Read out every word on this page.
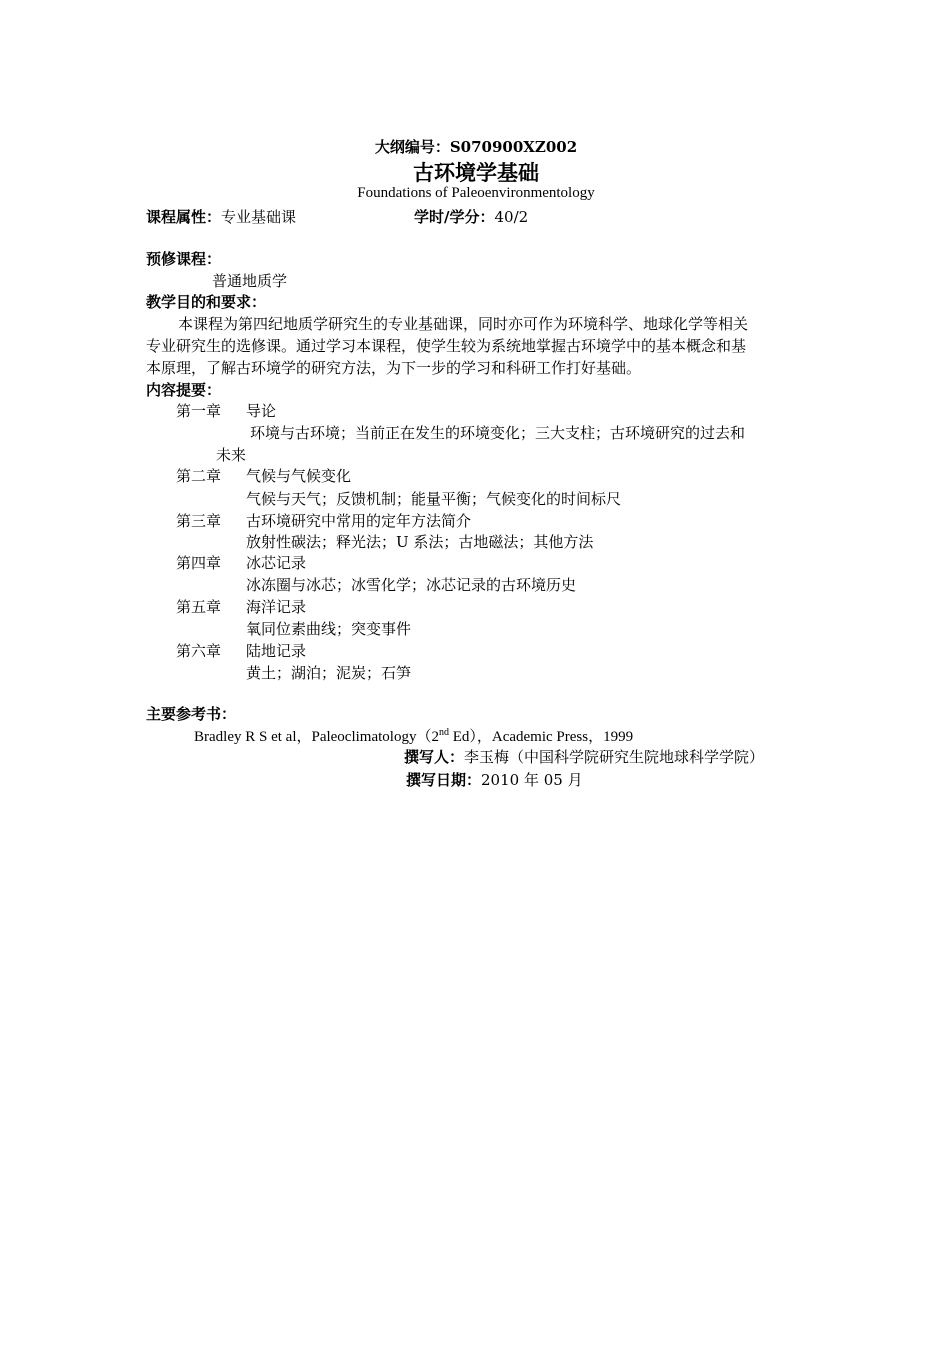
大纲编号：S070900XZ002
古环境学基础
Foundations of Paleoenvironmentology
课程属性：专业基础课	学时/学分：40/2
预修课程：
普通地质学
教学目的和要求：
本课程为第四纪地质学研究生的专业基础课，同时亦可作为环境科学、地球化学等相关
专业研究生的选修课。通过学习本课程，使学生较为系统地掌握古环境学中的基本概念和基
本原理，了解古环境学的研究方法，为下一步的学习和科研工作打好基础。
内容提要：
第一章 导论
环境与古环境；当前正在发生的环境变化；三大支柱；古环境研究的过去和
未来
第二章 气候与气候变化
气候与天气；反馈机制；能量平衡；气候变化的时间标尺
第三章 古环境研究中常用的定年方法简介
放射性碳法；释光法；U 系法；古地磁法；其他方法
第四章 冰芯记录
冰冻圈与冰芯；冰雪化学；冰芯记录的古环境历史
第五章 海洋记录
氧同位素曲线；突变事件
第六章 陆地记录
黄土；湖泊；泥炭；石笋
主要参考书：
Bradley R S et al，Paleoclimatology（2nd Ed），Academic Press，1999
撰写人：李玉梅（中国科学院研究生院地球科学学院）
撰写日期：2010 年 05 月
